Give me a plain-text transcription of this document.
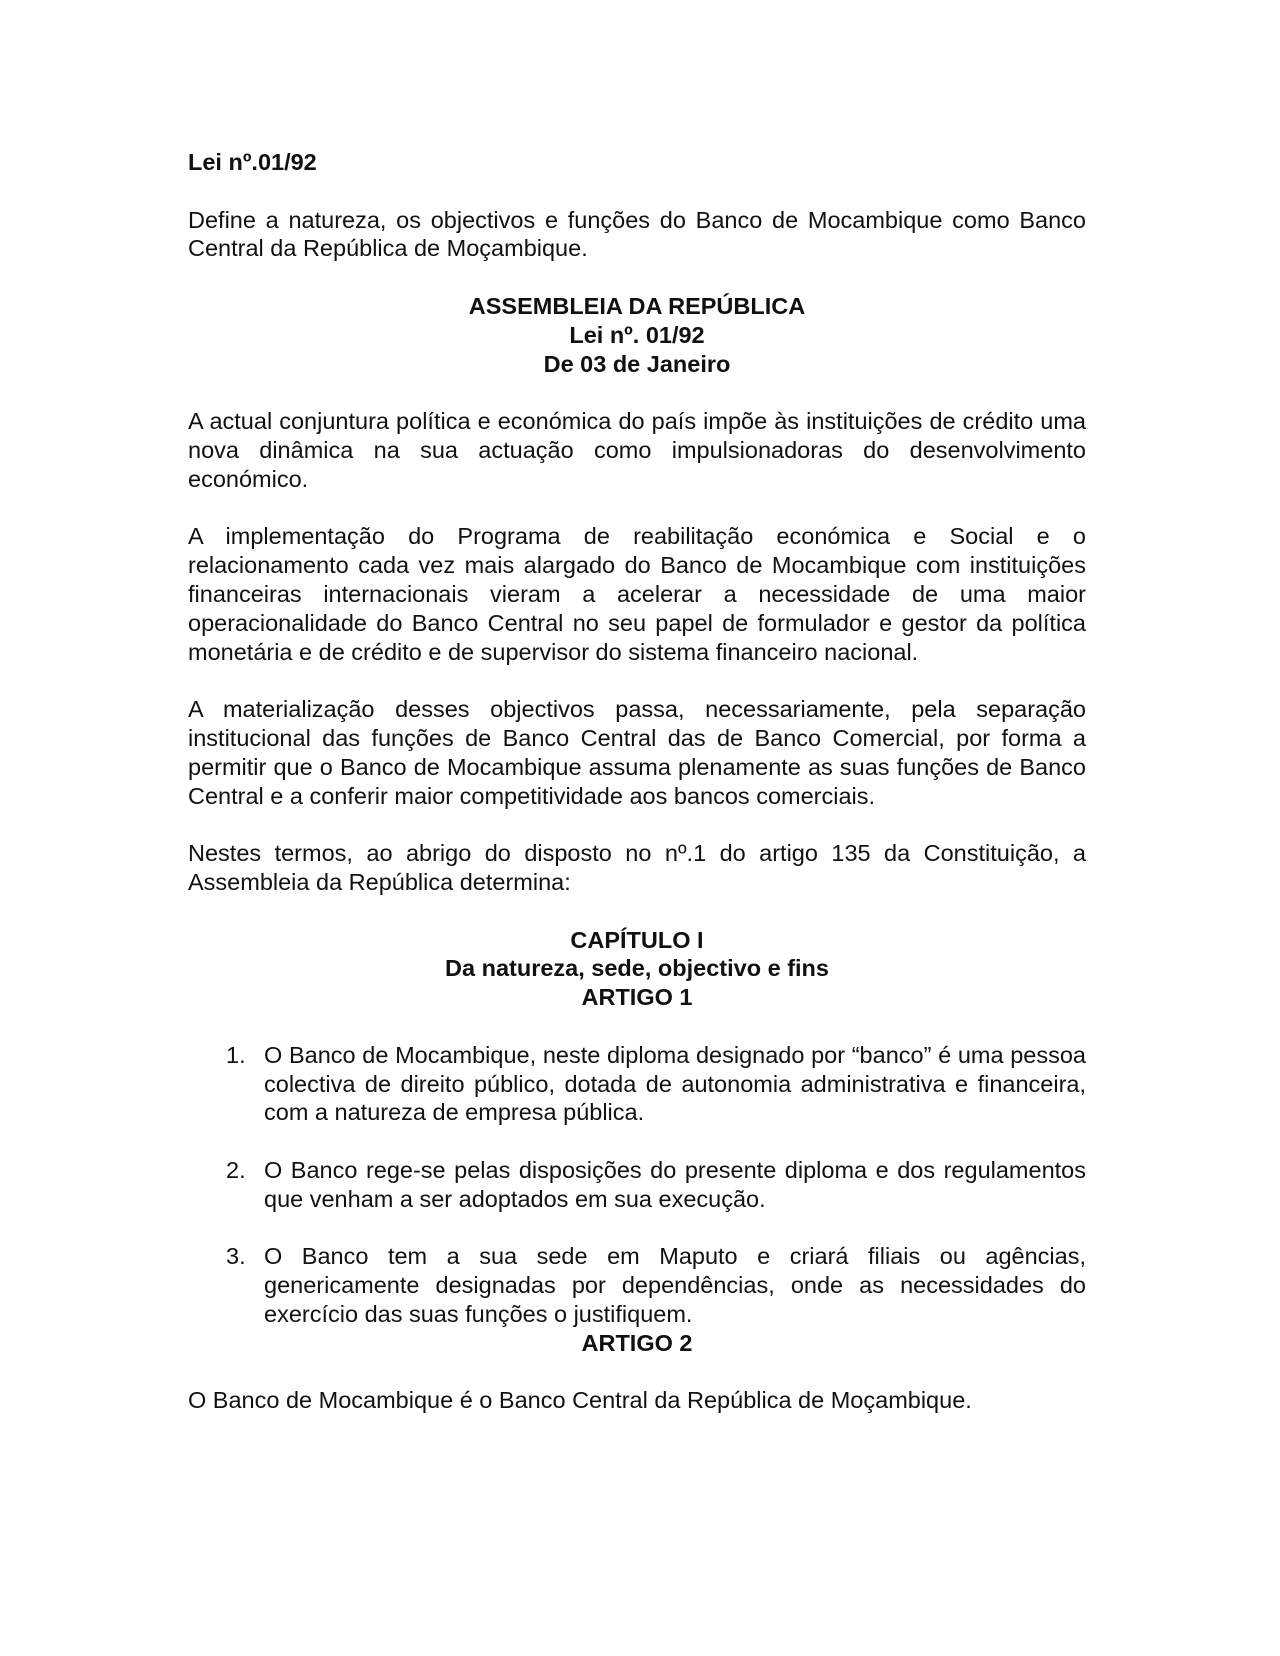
Lei nº.01/92

Define a natureza, os objectivos e funções do Banco de Mocambique como Banco Central da República de Moçambique.

ASSEMBLEIA DA REPÚBLICA
Lei nº. 01/92
De 03 de Janeiro

A actual conjuntura política e económica do país impõe às instituições de crédito uma nova dinâmica na sua actuação como impulsionadoras do desenvolvimento económico.

A implementação do Programa de reabilitação económica e Social e o relacionamento cada vez mais alargado do Banco de Mocambique com instituições financeiras internacionais vieram a acelerar a necessidade de uma maior operacionalidade do Banco Central no seu papel de formulador e gestor da política monetária e de crédito e de supervisor do sistema financeiro nacional.

A materialização desses objectivos passa, necessariamente, pela separação institucional das funções de Banco Central das de Banco Comercial, por forma a permitir que o Banco de Mocambique assuma plenamente as suas funções de Banco Central e a conferir maior competitividade aos bancos comerciais.

Nestes termos, ao abrigo do disposto no nº.1 do artigo 135 da Constituição, a Assembleia da República determina:

CAPÍTULO I
Da natureza, sede, objectivo e fins
ARTIGO 1
1. O Banco de Mocambique, neste diploma designado por “banco” é uma pessoa colectiva de direito público, dotada de autonomia administrativa e financeira, com a natureza de empresa pública.
2. O Banco rege-se pelas disposições do presente diploma e dos regulamentos que venham a ser adoptados em sua execução.
3. O Banco tem a sua sede em Maputo e criará filiais ou agências, genericamente designadas por dependências, onde as necessidades do exercício das suas funções o justifiquem.
ARTIGO 2

O Banco de Mocambique é o Banco Central da República de Moçambique.
